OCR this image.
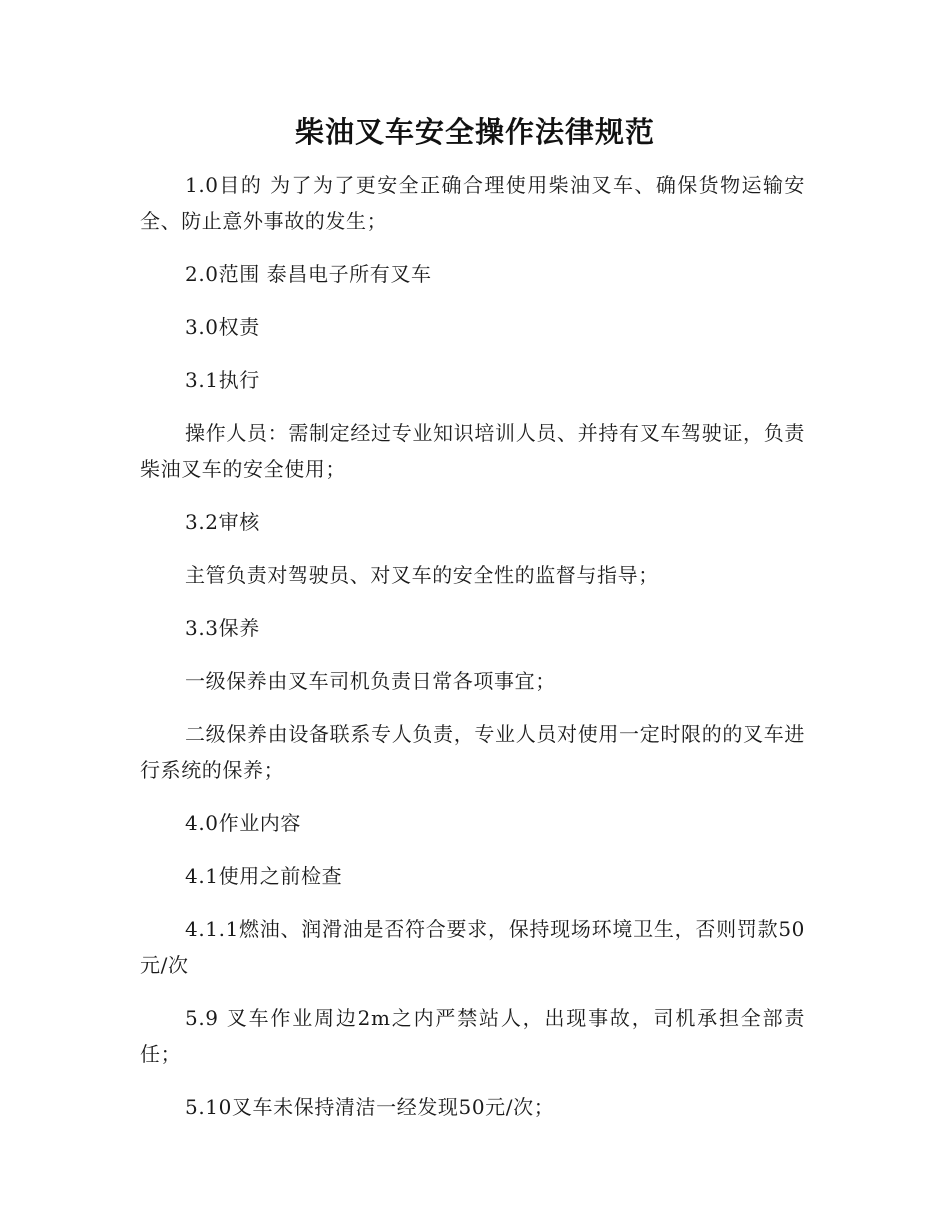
柴油叉车安全操作法律规范

1.0目的 为了为了更安全正确合理使用柴油叉车、确保货物运输安全、防止意外事故的发生；

2.0范围 泰昌电子所有叉车

3.0权责

3.1执行

操作人员：需制定经过专业知识培训人员、并持有叉车驾驶证，负责柴油叉车的安全使用；

3.2审核

主管负责对驾驶员、对叉车的安全性的监督与指导；

3.3保养

一级保养由叉车司机负责日常各项事宜；

二级保养由设备联系专人负责，专业人员对使用一定时限的的叉车进行系统的保养；

4.0作业内容

4.1使用之前检查

4.1.1燃油、润滑油是否符合要求，保持现场环境卫生，否则罚款50元/次

5.9 叉车作业周边2m之内严禁站人，出现事故，司机承担全部责任；

5.10叉车未保持清洁一经发现50元/次；
